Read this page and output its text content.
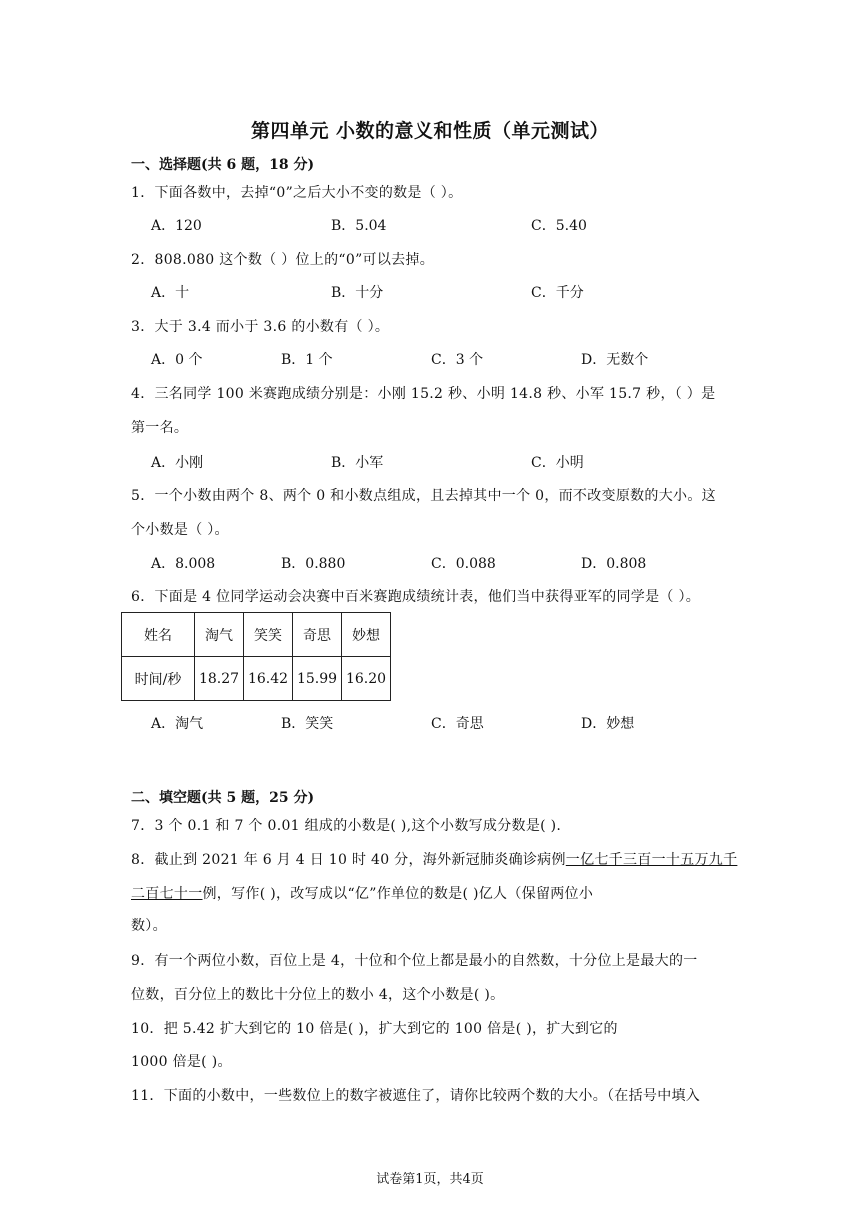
第四单元 小数的意义和性质（单元测试）
一、选择题(共 6 题，18 分)
1．下面各数中，去掉“0”之后大小不变的数是（ ）。
A．120	B．5.04	C．5.40
2．808.080 这个数（ ）位上的“0”可以去掉。
A．十	B．十分	C．千分
3．大于 3.4 而小于 3.6 的小数有（ ）。
A．0 个	B．1 个	C．3 个	D．无数个
4．三名同学 100 米赛跑成绩分别是：小刚 15.2 秒、小明 14.8 秒、小军 15.7 秒，（ ）是
第一名。
A．小刚	B．小军	C．小明
5．一个小数由两个 8、两个 0 和小数点组成，且去掉其中一个 0，而不改变原数的大小。这
个小数是（ ）。
A．8.008	B．0.880	C．0.088	D．0.808
6．下面是 4 位同学运动会决赛中百米赛跑成绩统计表，他们当中获得亚军的同学是（ ）。
姓名	淘气	笑笑	奇思	妙想
时间/秒	18.27	16.42	15.99	16.20
A．淘气	B．笑笑	C．奇思	D．妙想
二、填空题(共 5 题，25 分)
7．3 个 0.1 和 7 个 0.01 组成的小数是( ),这个小数写成分数是( ).
8．截止到 2021 年 6 月 4 日 10 时 40 分，海外新冠肺炎确诊病例一亿七千三百一十五万九千
二百七十一例，写作( )，改写成以“亿”作单位的数是( )亿人（保留两位小
数）。
9．有一个两位小数，百位上是 4，十位和个位上都是最小的自然数，十分位上是最大的一
位数，百分位上的数比十分位上的数小 4，这个小数是( )。
10．把 5.42 扩大到它的 10 倍是( )，扩大到它的 100 倍是( )，扩大到它的
1000 倍是( )。
11．下面的小数中，一些数位上的数字被遮住了，请你比较两个数的大小。（在括号中填入
试卷第1页，共4页
